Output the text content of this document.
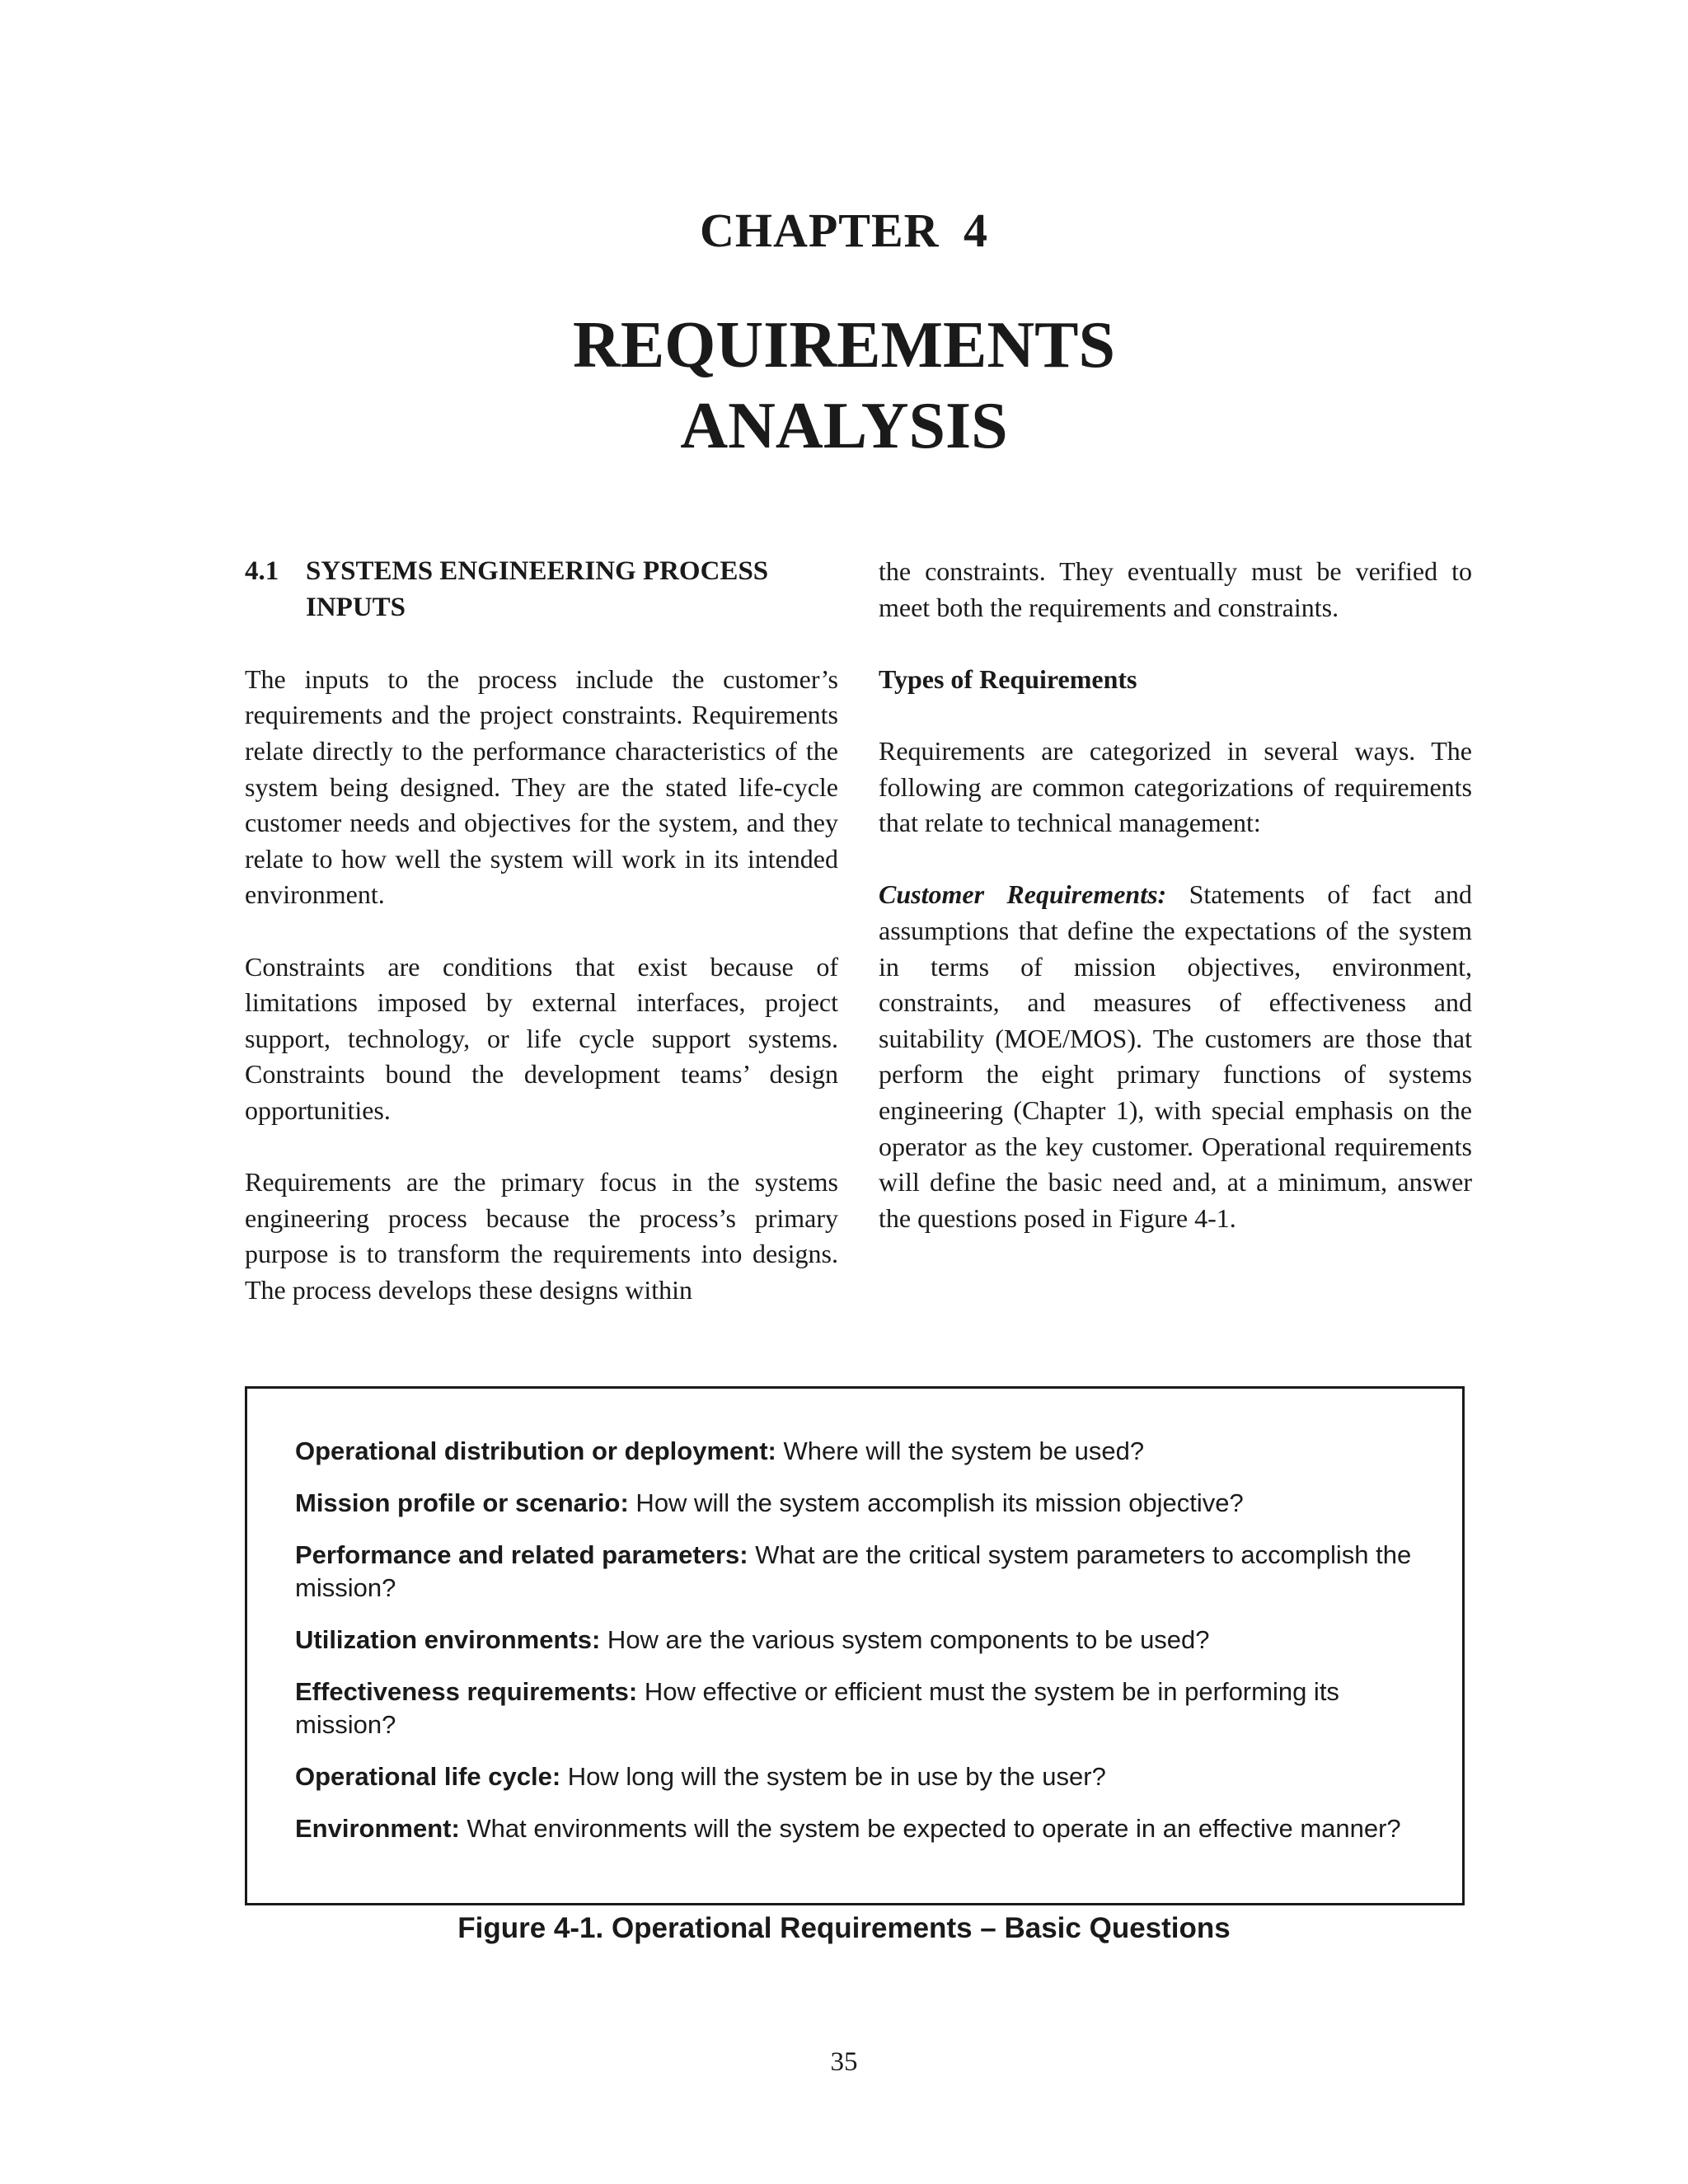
CHAPTER 4
REQUIREMENTS
ANALYSIS
4.1 SYSTEMS ENGINEERING PROCESS INPUTS

The inputs to the process include the customer’s requirements and the project constraints. Requirements relate directly to the performance characteristics of the system being designed. They are the stated life-cycle customer needs and objectives for the system, and they relate to how well the system will work in its intended environment.

Constraints are conditions that exist because of limitations imposed by external interfaces, project support, technology, or life cycle support systems. Constraints bound the development teams’ design opportunities.

Requirements are the primary focus in the systems engineering process because the process’s primary purpose is to transform the requirements into designs. The process develops these designs within

the constraints. They eventually must be verified to meet both the requirements and constraints.

Types of Requirements

Requirements are categorized in several ways. The following are common categorizations of requirements that relate to technical management:

Customer Requirements: Statements of fact and assumptions that define the expectations of the system in terms of mission objectives, environment, constraints, and measures of effectiveness and suitability (MOE/MOS). The customers are those that perform the eight primary functions of systems engineering (Chapter 1), with special emphasis on the operator as the key customer. Operational requirements will define the basic need and, at a minimum, answer the questions posed in Figure 4-1.

Operational distribution or deployment: Where will the system be used?

Mission profile or scenario: How will the system accomplish its mission objective?

Performance and related parameters: What are the critical system parameters to accomplish the mission?

Utilization environments: How are the various system components to be used?

Effectiveness requirements: How effective or efficient must the system be in performing its mission?

Operational life cycle: How long will the system be in use by the user?

Environment: What environments will the system be expected to operate in an effective manner?

Figure 4-1. Operational Requirements – Basic Questions
35
